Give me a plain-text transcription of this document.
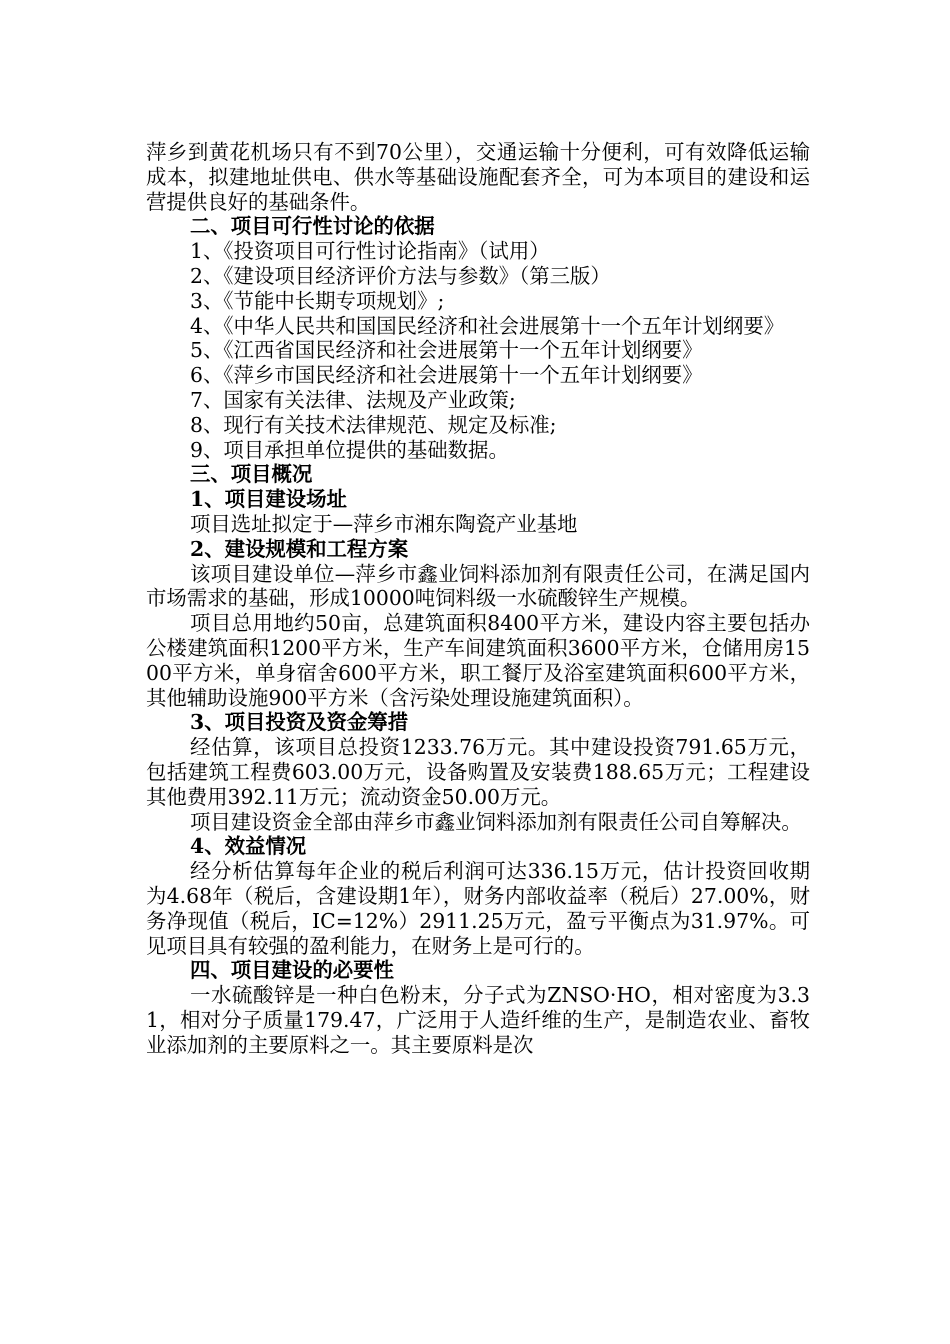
萍乡到黄花机场只有不到70公里），交通运输十分便利，可有效降低运输成本，拟建地址供电、供水等基础设施配套齐全，可为本项目的建设和运营提供良好的基础条件。

二、项目可行性讨论的依据

1、《投资项目可行性讨论指南》（试用）

2、《建设项目经济评价方法与参数》（第三版）

3、《节能中长期专项规划》;

4、《中华人民共和国国民经济和社会进展第十一个五年计划纲要》

5、《江西省国民经济和社会进展第十一个五年计划纲要》

6、《萍乡市国民经济和社会进展第十一个五年计划纲要》

7、国家有关法律、法规及产业政策;

8、现行有关技术法律规范、规定及标准;

9、项目承担单位提供的基础数据。

三、项目概况

1、项目建设场址

项目选址拟定于—萍乡市湘东陶瓷产业基地

2、建设规模和工程方案

该项目建设单位—萍乡市鑫业饲料添加剂有限责任公司，在满足国内市场需求的基础，形成10000吨饲料级一水硫酸锌生产规模。

项目总用地约50亩，总建筑面积8400平方米，建设内容主要包括办公楼建筑面积1200平方米，生产车间建筑面积3600平方米，仓储用房1500平方米，单身宿舍600平方米，职工餐厅及浴室建筑面积600平方米，其他辅助设施900平方米（含污染处理设施建筑面积）。

3、项目投资及资金筹措

经估算，该项目总投资1233.76万元。其中建设投资791.65万元，包括建筑工程费603.00万元，设备购置及安装费188.65万元；工程建设其他费用392.11万元；流动资金50.00万元。

项目建设资金全部由萍乡市鑫业饲料添加剂有限责任公司自筹解决。

4、效益情况

经分析估算每年企业的税后利润可达336.15万元，估计投资回收期为4.68年（税后，含建设期1年），财务内部收益率（税后）27.00%，财务净现值（税后，IC=12%）2911.25万元，盈亏平衡点为31.97%。可见项目具有较强的盈利能力，在财务上是可行的。

四、项目建设的必要性

一水硫酸锌是一种白色粉末，分子式为ZNSO·HO，相对密度为3.31，相对分子质量179.47，广泛用于人造纤维的生产，是制造农业、畜牧业添加剂的主要原料之一。其主要原料是次
